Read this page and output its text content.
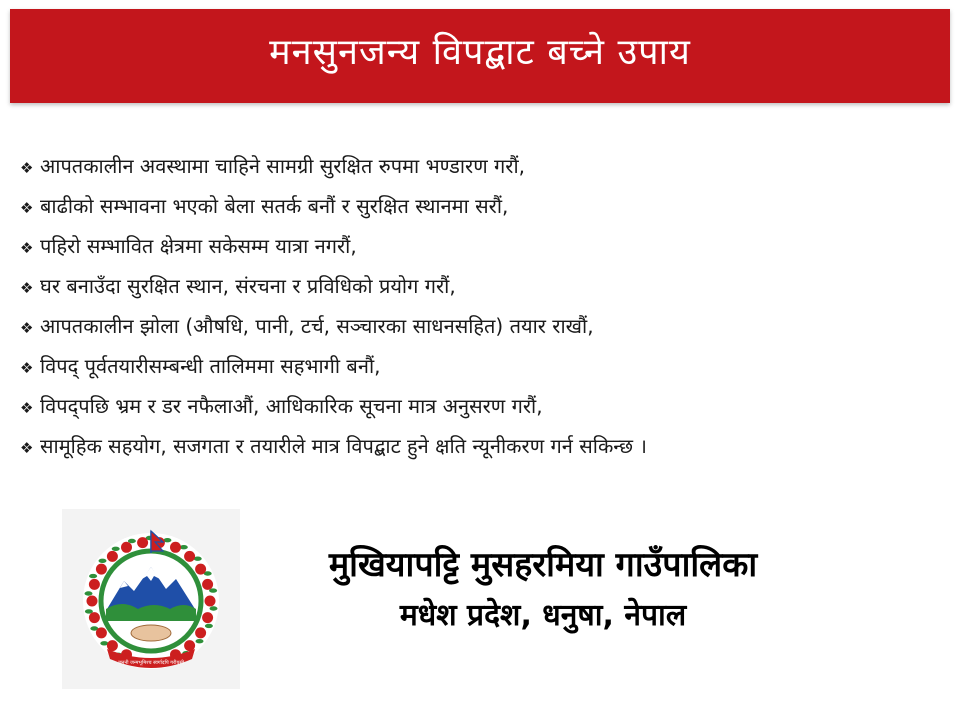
मनसुनजन्य विपद्बाट बच्ने उपाय
❖ आपतकालीन अवस्थामा चाहिने सामग्री सुरक्षित रुपमा भण्डारण गरौं,
❖ बाढीको सम्भावना भएको बेला सतर्क बनौं र सुरक्षित स्थानमा सरौं,
❖ पहिरो सम्भावित क्षेत्रमा सकेसम्म यात्रा नगरौं,
❖ घर बनाउँदा सुरक्षित स्थान, संरचना र प्रविधिको प्रयोग गरौं,
❖ आपतकालीन झोला (औषधि, पानी, टर्च, सञ्चारका साधनसहित) तयार राखौं,
❖ विपद् पूर्वतयारीसम्बन्धी तालिममा सहभागी बनौं,
❖ विपद्पछि भ्रम र डर नफैलाऔं, आधिकारिक सूचना मात्र अनुसरण गरौं,
❖ सामूहिक सहयोग, सजगता र तयारीले मात्र विपद्बाट हुने क्षति न्यूनीकरण गर्न सकिन्छ ।
जननी जन्मभूमिश्च स्वर्गादपि गरीयसी
मुखियापट्टि मुसहरमिया गाउँपालिका
मधेश प्रदेश, धनुषा, नेपाल
